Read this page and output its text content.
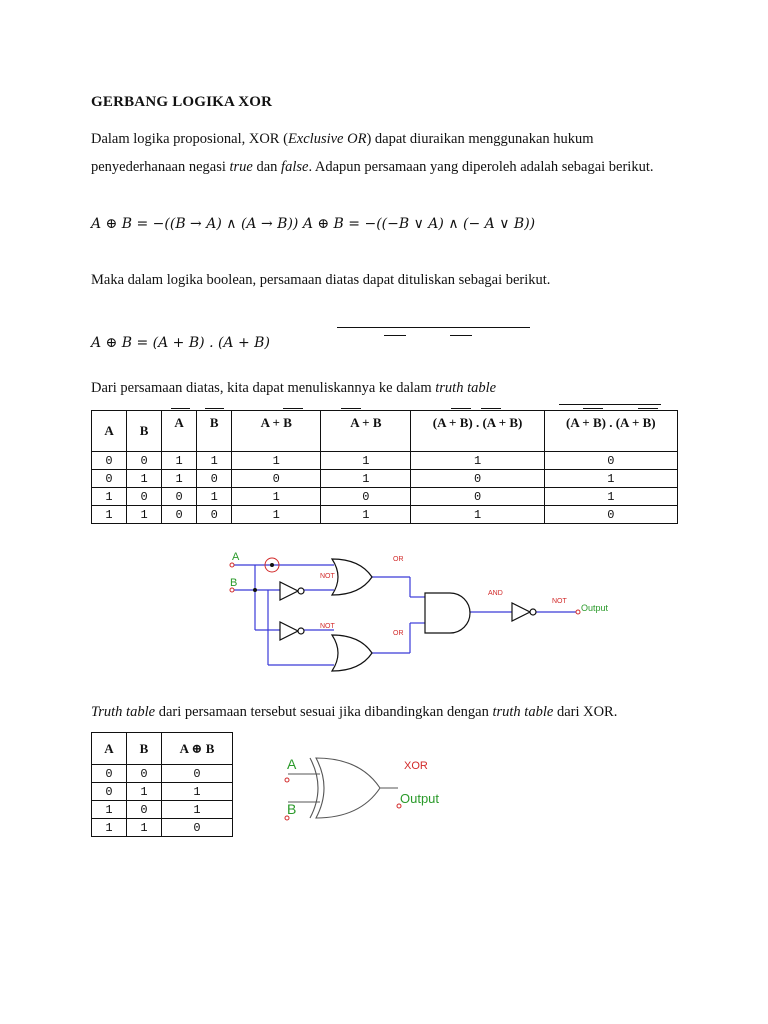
GERBANG LOGIKA XOR
Dalam logika proposional, XOR (Exclusive OR) dapat diuraikan menggunakan hukum
penyederhanaan negasi true dan false. Adapun persamaan yang diperoleh adalah sebagai berikut.
A ⊕ B = −((B → A) ∧ (A → B)) A ⊕ B = −((−B ∨ A) ∧ (− A ∨ B))
Maka dalam logika boolean, persamaan diatas dapat dituliskan sebagai berikut.
A ⊕ B = (A + B) . (A + B)
Dari persamaan diatas, kita dapat menuliskannya ke dalam truth table
A	B	A	B	A + B	A + B	(A + B) . (A + B)	(A + B) . (A + B)
0	0	1	1	1	1	1	0
0	1	1	0	0	1	0	1
1	0	0	1	1	0	0	1
1	1	0	0	1	1	1	0
A
B
NOT
NOT
OR
OR
AND
NOT
Output
Truth table dari persamaan tersebut sesuai jika dibandingkan dengan truth table dari XOR.
A	B	A ⊕ B
0	0	0
0	1	1
1	0	1
1	1	0
A
B
XOR
Output
